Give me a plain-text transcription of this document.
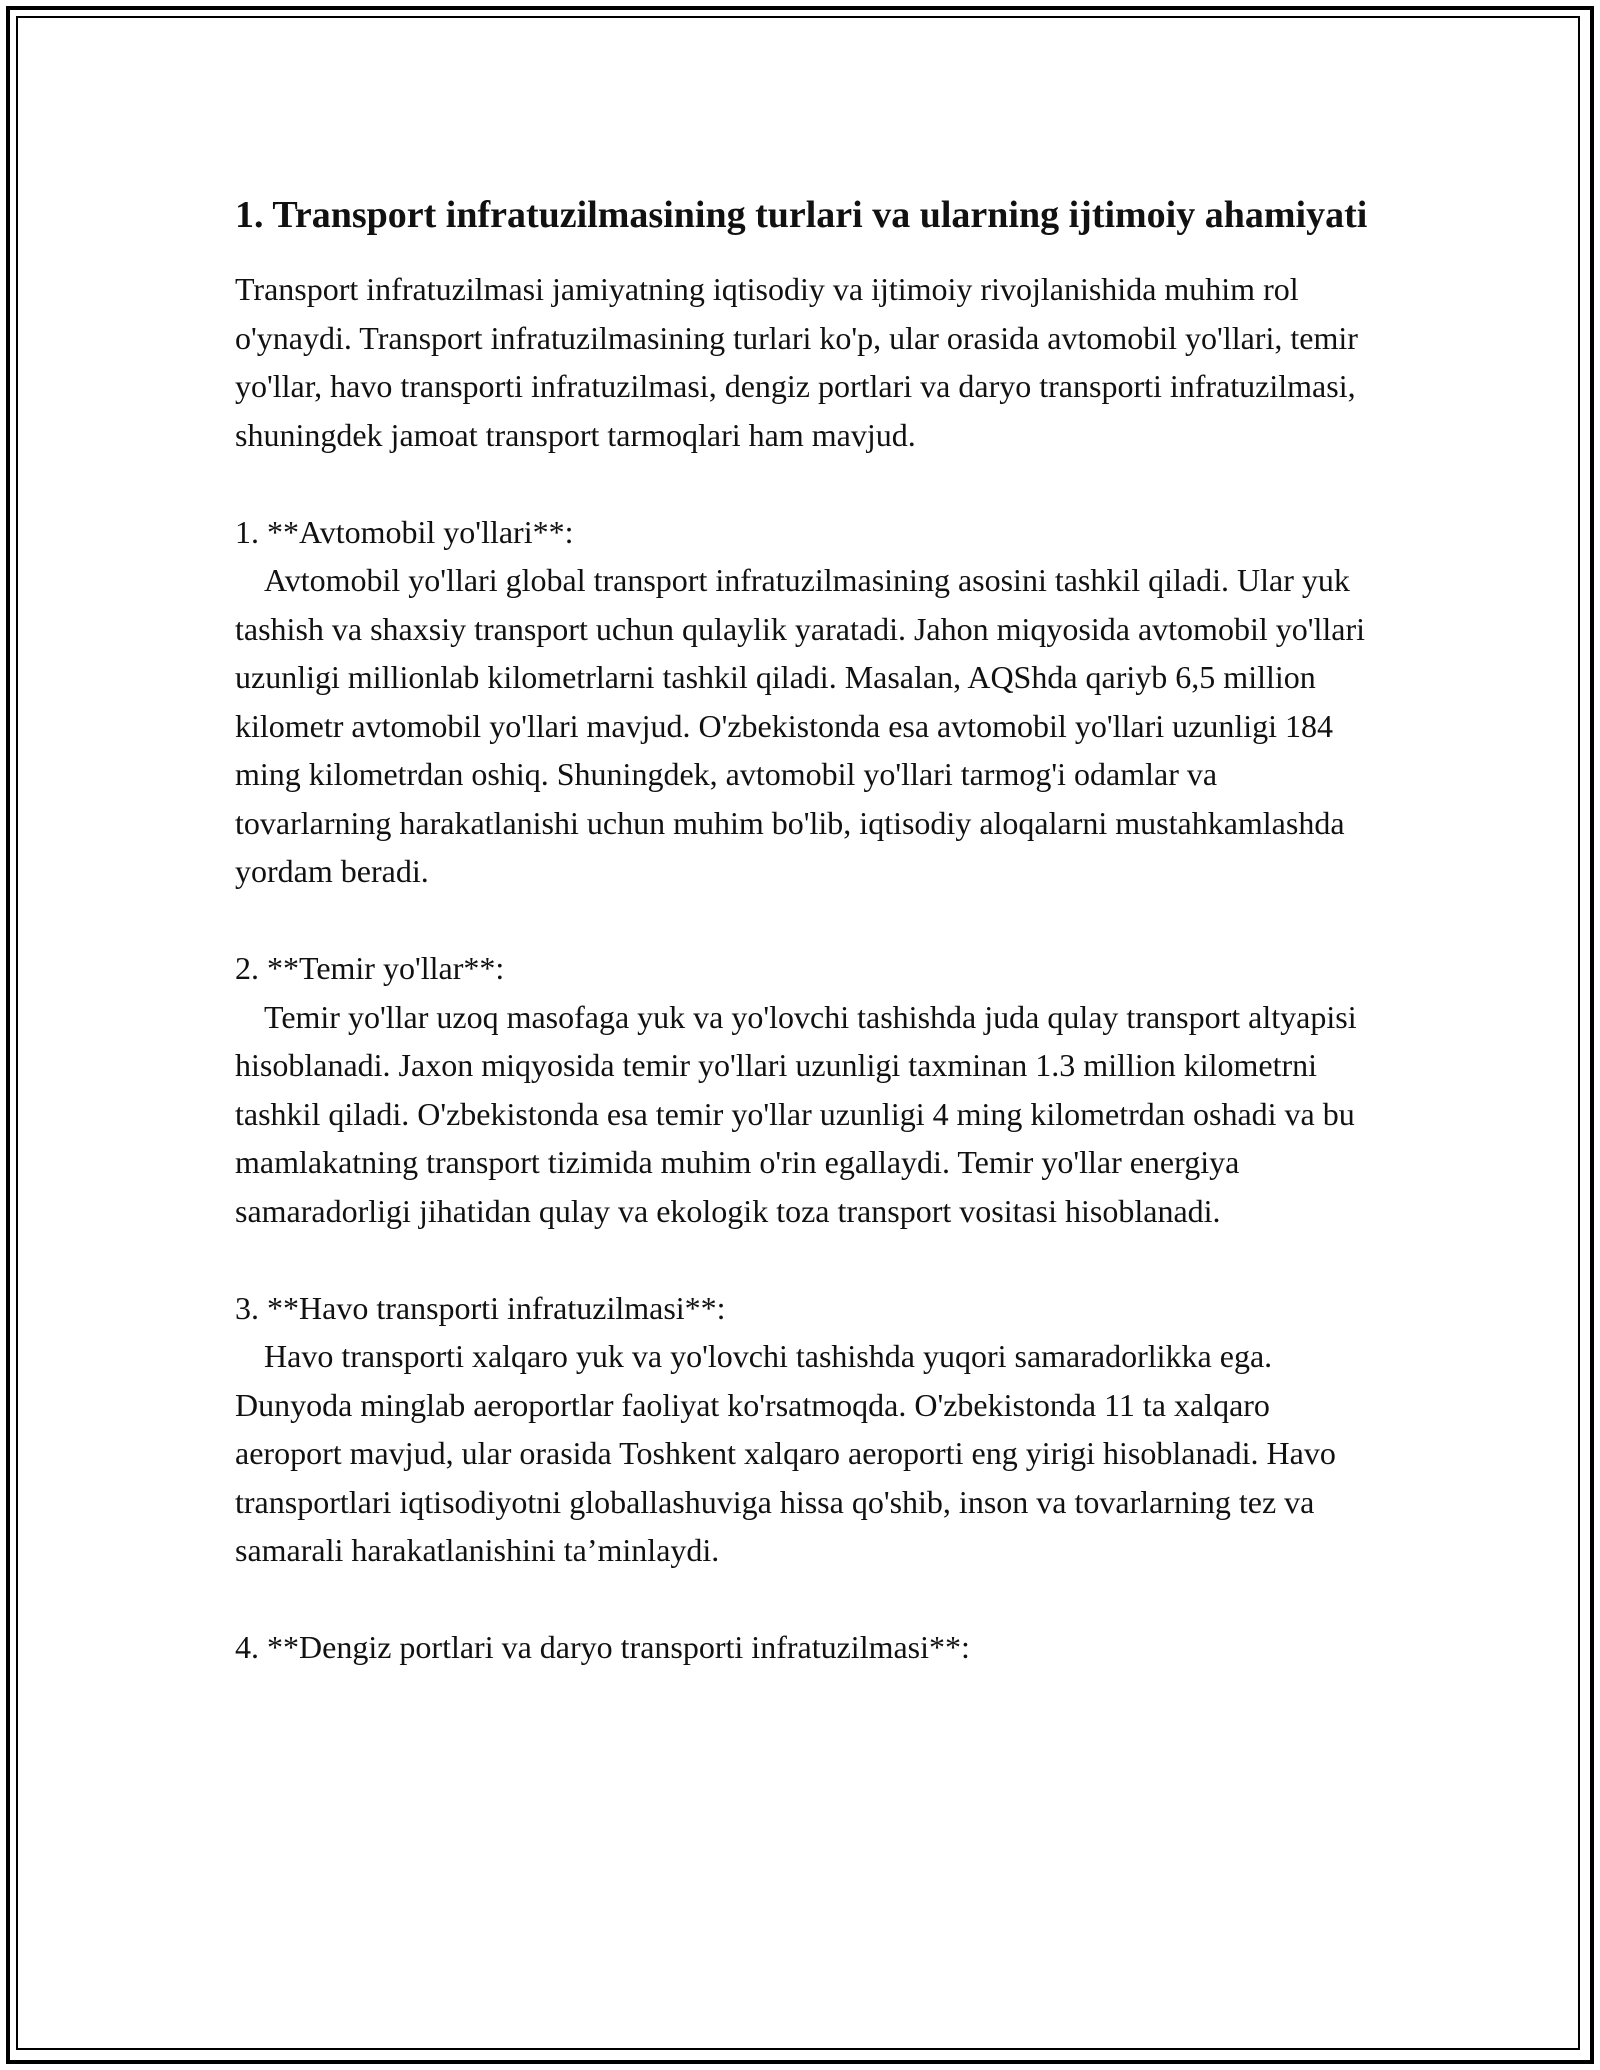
1. Transport infratuzilmasining turlari va ularning ijtimoiy ahamiyati

Transport infratuzilmasi jamiyatning iqtisodiy va ijtimoiy rivojlanishida muhim rol o'ynaydi. Transport infratuzilmasining turlari ko'p, ular orasida avtomobil yo'llari, temir yo'llar, havo transporti infratuzilmasi, dengiz portlari va daryo transporti infratuzilmasi, shuningdek jamoat transport tarmoqlari ham mavjud.

1. **Avtomobil yo'llari**:

Avtomobil yo'llari global transport infratuzilmasining asosini tashkil qiladi. Ular yuk tashish va shaxsiy transport uchun qulaylik yaratadi. Jahon miqyosida avtomobil yo'llari uzunligi millionlab kilometrlarni tashkil qiladi. Masalan, AQShda qariyb 6,5 million kilometr avtomobil yo'llari mavjud. O'zbekistonda esa avtomobil yo'llari uzunligi 184 ming kilometrdan oshiq. Shuningdek, avtomobil yo'llari tarmog'i odamlar va tovarlarning harakatlanishi uchun muhim bo'lib, iqtisodiy aloqalarni mustahkamlashda yordam beradi.

2. **Temir yo'llar**:

Temir yo'llar uzoq masofaga yuk va yo'lovchi tashishda juda qulay transport altyapisi hisoblanadi. Jaxon miqyosida temir yo'llari uzunligi taxminan 1.3 million kilometrni tashkil qiladi. O'zbekistonda esa temir yo'llar uzunligi 4 ming kilometrdan oshadi va bu mamlakatning transport tizimida muhim o'rin egallaydi. Temir yo'llar energiya samaradorligi jihatidan qulay va ekologik toza transport vositasi hisoblanadi.

3. **Havo transporti infratuzilmasi**:

Havo transporti xalqaro yuk va yo'lovchi tashishda yuqori samaradorlikka ega. Dunyoda minglab aeroportlar faoliyat ko'rsatmoqda. O'zbekistonda 11 ta xalqaro aeroport mavjud, ular orasida Toshkent xalqaro aeroporti eng yirigi hisoblanadi. Havo transportlari iqtisodiyotni globallashuviga hissa qo'shib, inson va tovarlarning tez va samarali harakatlanishini ta’minlaydi.

4. **Dengiz portlari va daryo transporti infratuzilmasi**:
